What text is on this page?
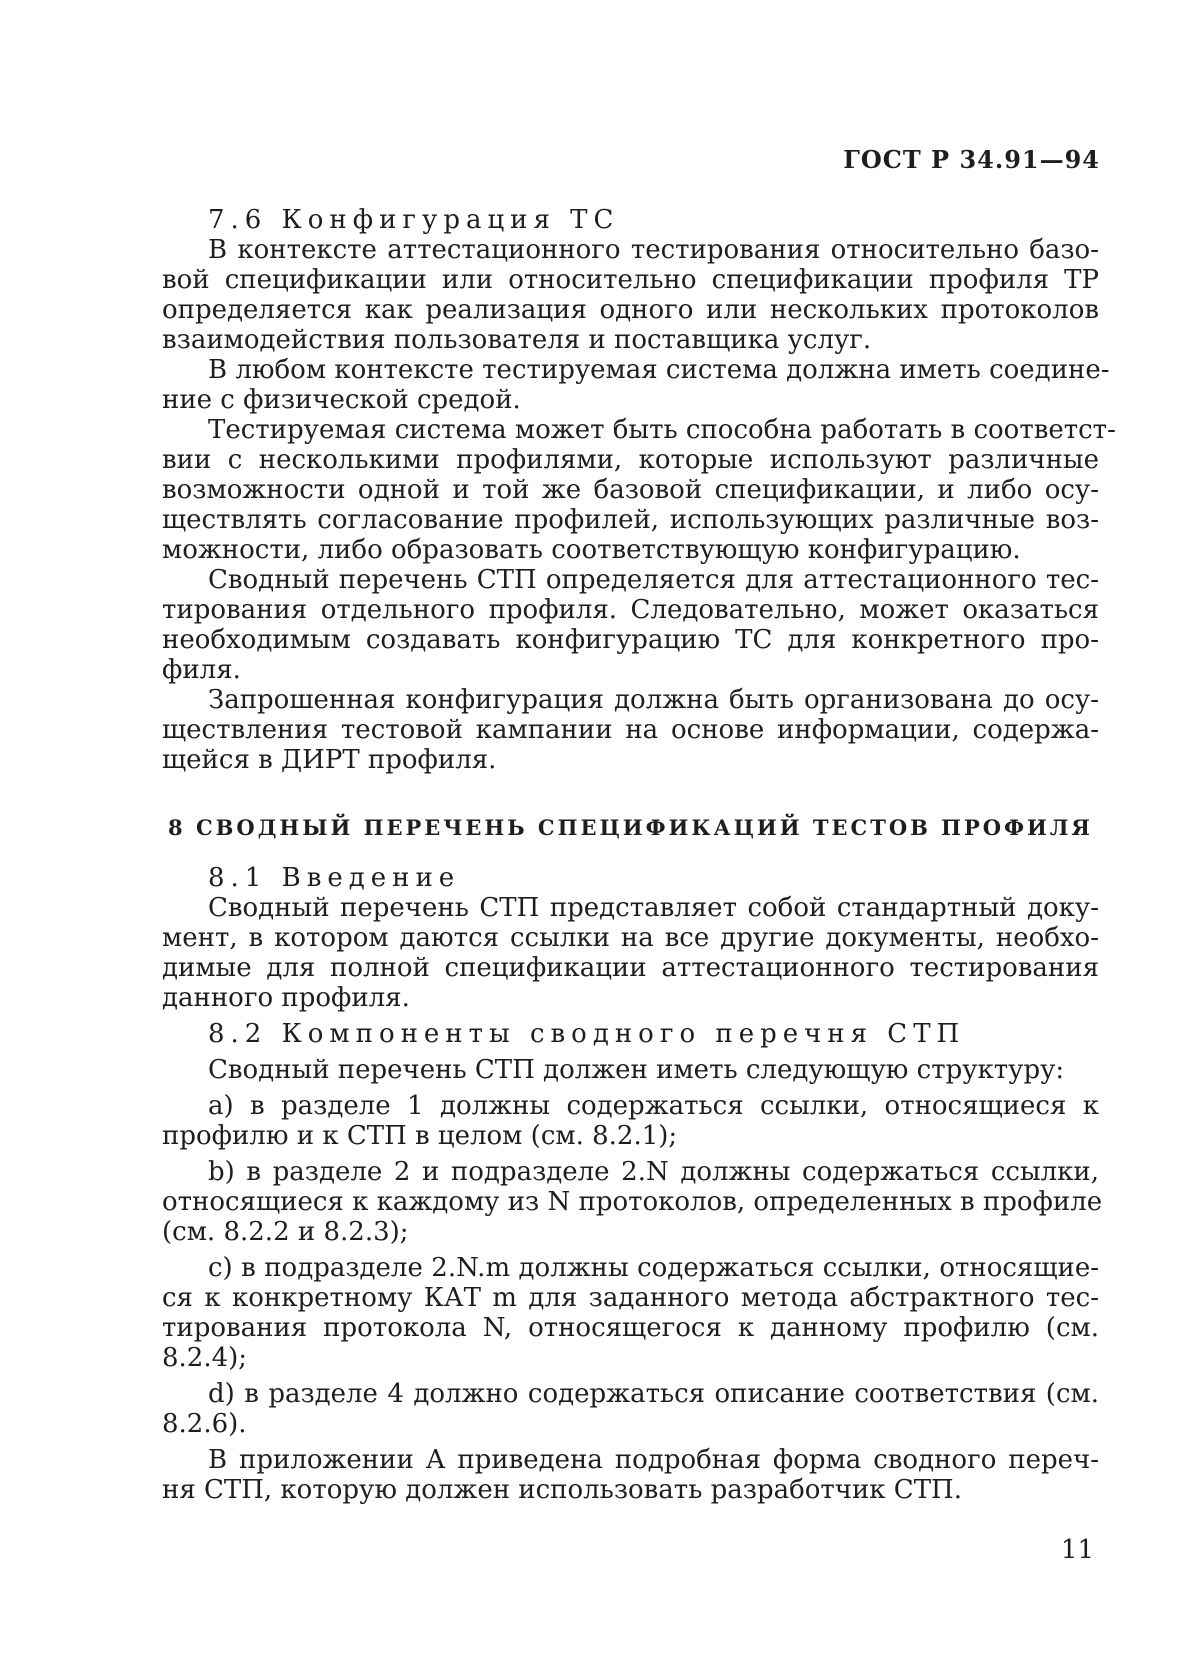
ГОСТ Р 34.91—94
7.6 Конфигурация ТС
В контексте аттестационного тестирования относительно базо-
вой спецификации или относительно спецификации профиля ТР
определяется как реализация одного или нескольких протоколов
взаимодействия пользователя и поставщика услуг.
В любом контексте тестируемая система должна иметь соедине-
ние с физической средой.
Тестируемая система может быть способна работать в соответст-
вии с несколькими профилями, которые используют различные
возможности одной и той же базовой спецификации, и либо осу-
ществлять согласование профилей, использующих различные воз-
можности, либо образовать соответствующую конфигурацию.
Сводный перечень СТП определяется для аттестационного тес-
тирования отдельного профиля. Следовательно, может оказаться
необходимым создавать конфигурацию ТС для конкретного про-
филя.
Запрошенная конфигурация должна быть организована до осу-
ществления тестовой кампании на основе информации, содержа-
щейся в ДИРТ профиля.
8 СВОДНЫЙ ПЕРЕЧЕНЬ СПЕЦИФИКАЦИЙ ТЕСТОВ ПРОФИЛЯ
8.1 Введение
Сводный перечень СТП представляет собой стандартный доку-
мент, в котором даются ссылки на все другие документы, необхо-
димые для полной спецификации аттестационного тестирования
данного профиля.
8.2 Компоненты сводного перечня СТП
Сводный перечень СТП должен иметь следующую структуру:
а) в разделе 1 должны содержаться ссылки, относящиеся к
профилю и к СТП в целом (см. 8.2.1);
b) в разделе 2 и подразделе 2.N должны содержаться ссылки,
относящиеся к каждому из N протоколов, определенных в профиле
(см. 8.2.2 и 8.2.3);
с) в подразделе 2.N.m должны содержаться ссылки, относящие-
ся к конкретному КАТ m для заданного метода абстрактного тес-
тирования протокола N, относящегося к данному профилю (см.
8.2.4);
d) в разделе 4 должно содержаться описание соответствия (см.
8.2.6).
В приложении А приведена подробная форма сводного переч-
ня СТП, которую должен использовать разработчик СТП.
11
